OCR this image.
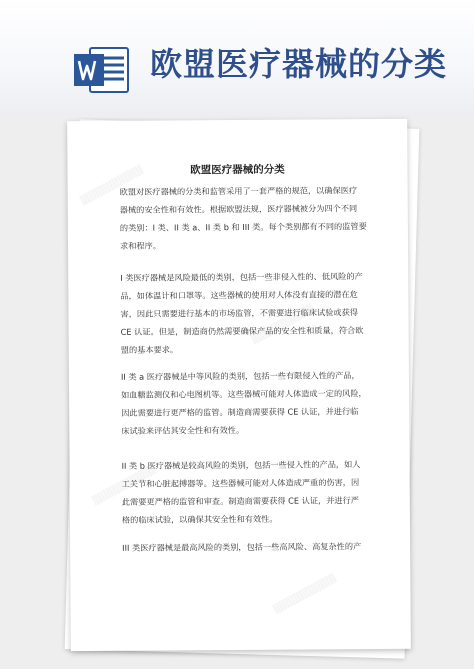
欧盟医疗器械的分类
▒▒▒▒▒▒▒▒▒▒
▒▒▒▒▒▒▒▒▒▒
▒▒▒▒▒▒▒▒▒▒
▒▒▒▒▒▒▒▒▒▒
欧盟医疗器械的分类
欧盟对医疗器械的分类和监管采用了一套严格的规范，以确保医疗
器械的安全性和有效性。根据欧盟法规，医疗器械被分为四个不同
的类别：I 类、II 类 a、II 类 b 和 III 类。每个类别都有不同的监管要
求和程序。
I 类医疗器械是风险最低的类别，包括一些非侵入性的、低风险的产
品，如体温计和口罩等。这些器械的使用对人体没有直接的潜在危
害，因此只需要进行基本的市场监管，不需要进行临床试验或获得
CE 认证。但是，制造商仍然需要确保产品的安全性和质量，符合欧
盟的基本要求。
II 类 a 医疗器械是中等风险的类别，包括一些有限侵入性的产品，
如血糖监测仪和心电图机等。这些器械可能对人体造成一定的风险，
因此需要进行更严格的监管。制造商需要获得 CE 认证，并进行临
床试验来评估其安全性和有效性。
II 类 b 医疗器械是较高风险的类别，包括一些侵入性的产品，如人
工关节和心脏起搏器等。这些器械可能对人体造成严重的伤害，因
此需要更严格的监管和审查。制造商需要获得 CE 认证，并进行严
格的临床试验，以确保其安全性和有效性。
III 类医疗器械是最高风险的类别，包括一些高风险、高复杂性的产
